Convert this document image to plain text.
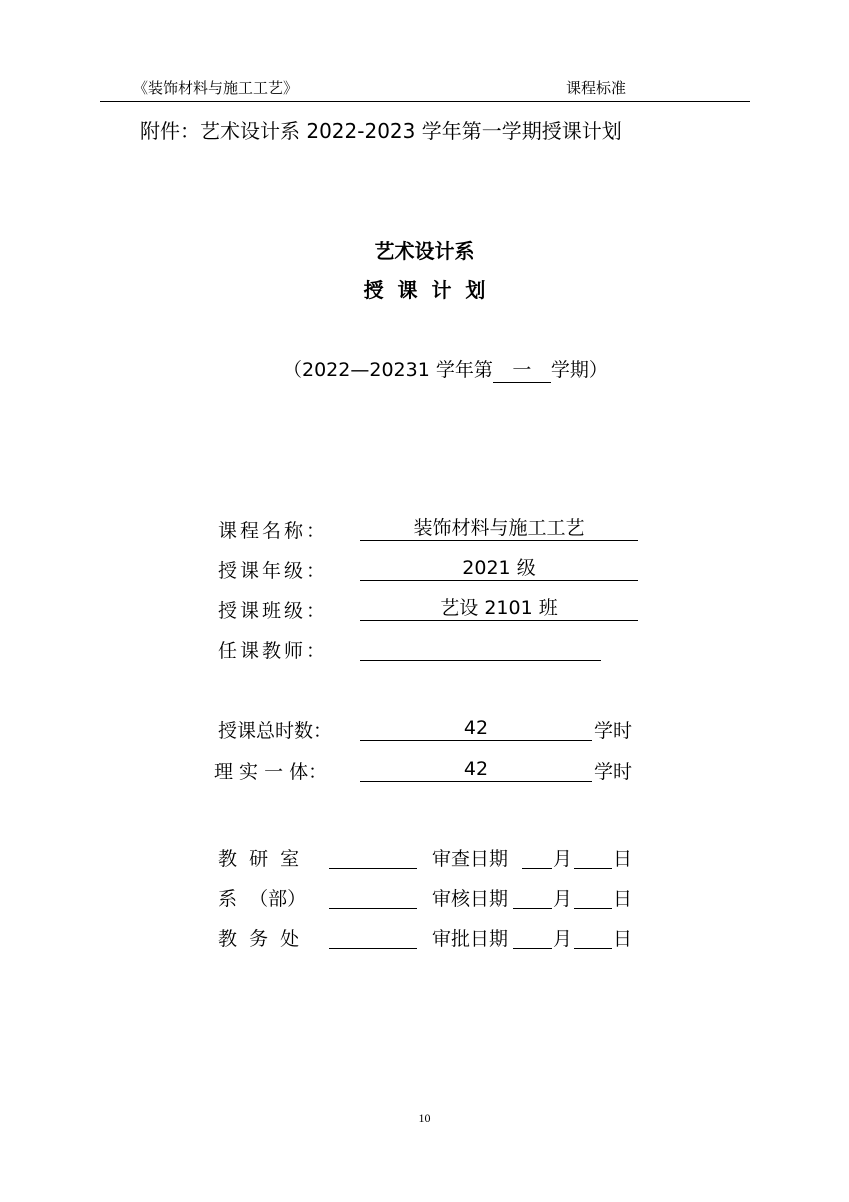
《装饰材料与施工工艺》	课程标准
附件：艺术设计系 2022-2023 学年第一学期授课计划
艺术设计系
授  课  计  划
（2022—20231 学年第 一 学期）
课程名称：	装饰材料与施工工艺
授课年级：	2021 级
授课班级：	艺设 2101 班
任课教师：
授课总时数：	42	学时
理 实 一 体：	42	学时
教  研  室	审查日期 月 日
系  （部）	审核日期 月 日
教  务  处	审批日期 月 日
10
